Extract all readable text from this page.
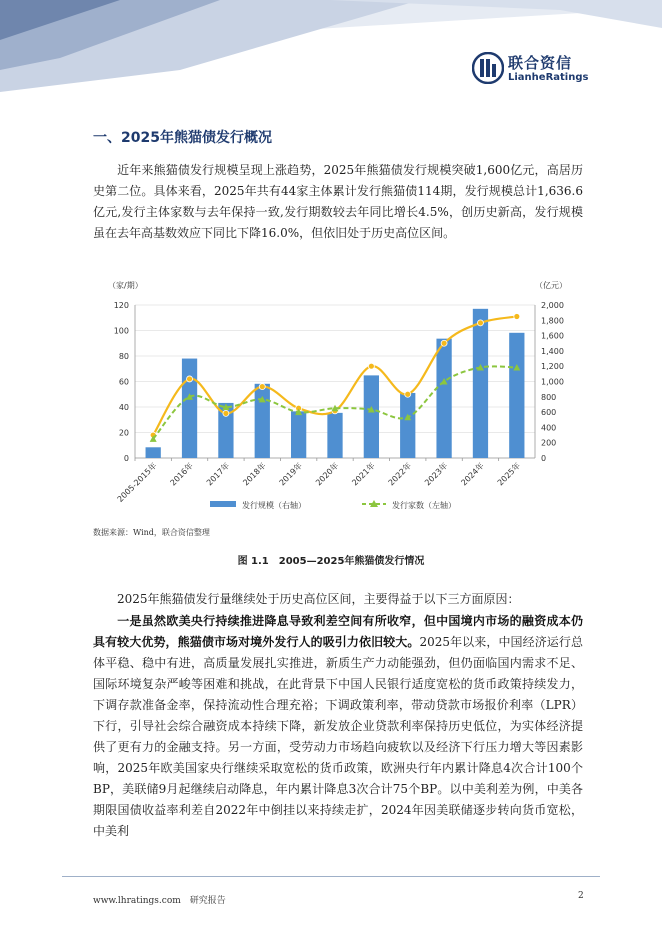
联合资信
LianheRatings
一、2025年熊猫债发行概况

近年来熊猫债发行规模呈现上涨趋势，2025年熊猫债发行规模突破1,600亿元，高居历史第二位。具体来看，2025年共有44家主体累计发行熊猫债114期，发行规模总计1,636.6亿元,发行主体家数与去年保持一致,发行期数较去年同比增长4.5%，创历史新高，发行规模虽在去年高基数效应下同比下降16.0%，但依旧处于历史高位区间。

0
20
40
60
80
100
120
0
200
400
600
800
1,000
1,200
1,400
1,600
1,800
2,000
2005-2015年 2016年 2017年 2018年 2019年 2020年 2021年 2022年 2023年 2024年 2025年
（家/期）	（亿元）
发行规模（右轴）	发行家数（左轴）
数据来源：Wind，联合资信整理
图 1.1　2005—2025年熊猫债发行情况

2025年熊猫债发行量继续处于历史高位区间，主要得益于以下三方面原因：

一是虽然欧美央行持续推进降息导致利差空间有所收窄，但中国境内市场的融资成本仍具有较大优势，熊猫债市场对境外发行人的吸引力依旧较大。2025年以来，中国经济运行总体平稳、稳中有进，高质量发展扎实推进，新质生产力动能强劲，但仍面临国内需求不足、国际环境复杂严峻等困难和挑战，在此背景下中国人民银行适度宽松的货币政策持续发力，下调存款准备金率，保持流动性合理充裕；下调政策利率，带动贷款市场报价利率（LPR）下行，引导社会综合融资成本持续下降，新发放企业贷款利率保持历史低位，为实体经济提供了更有力的金融支持。另一方面，受劳动力市场趋向疲软以及经济下行压力增大等因素影响，2025年欧美国家央行继续采取宽松的货币政策，欧洲央行年内累计降息4次合计100个BP，美联储9月起继续启动降息，年内累计降息3次合计75个BP。以中美利差为例，中美各期限国债收益率利差自2022年中倒挂以来持续走扩，2024年因美联储逐步转向货币宽松，中美利

www.lhratings.com　研究报告	2
